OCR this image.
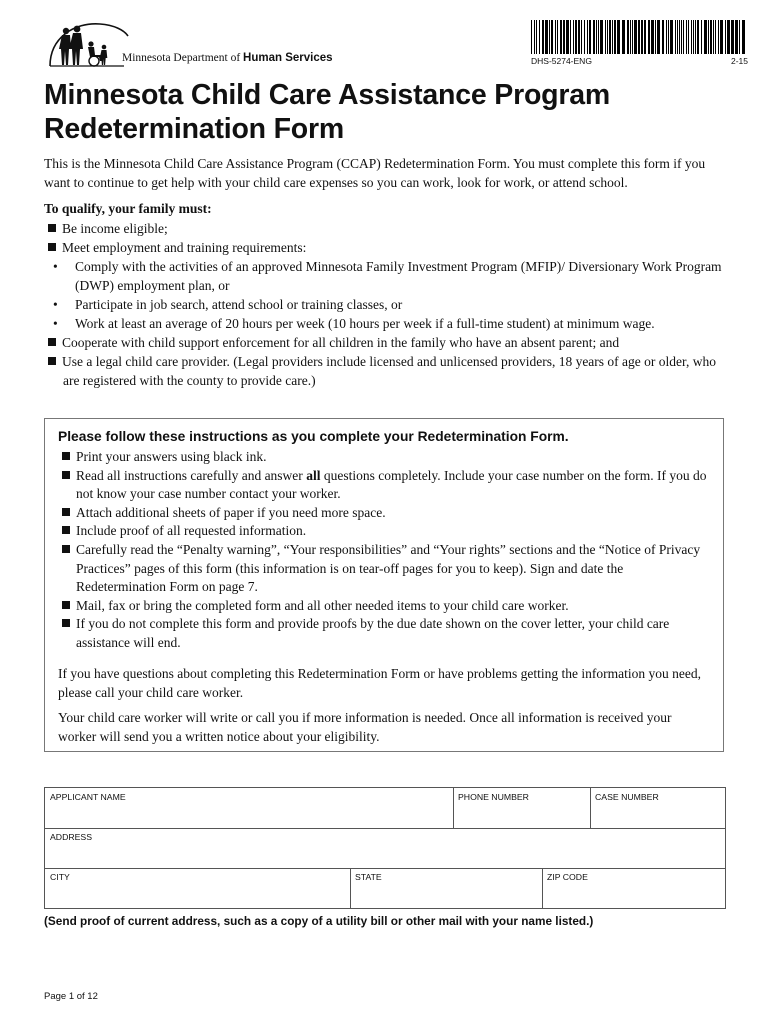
Minnesota Department of Human Services	DHS-5274-ENG	2-15
Minnesota Child Care Assistance Program
Redetermination Form

This is the Minnesota Child Care Assistance Program (CCAP) Redetermination Form. You must complete this form if you want to continue to get help with your child care expenses so you can work, look for work, or attend school.

To qualify, your family must:

Be income eligible;
Meet employment and training requirements:
• Comply with the activities of an approved Minnesota Family Investment Program (MFIP)/ Diversionary Work Program (DWP) employment plan, or
• Participate in job search, attend school or training classes, or
• Work at least an average of 20 hours per week (10 hours per week if a full-time student) at minimum wage.
Cooperate with child support enforcement for all children in the family who have an absent parent; and
Use a legal child care provider. (Legal providers include licensed and unlicensed providers, 18 years of age or older, who are registered with the county to provide care.)

Please follow these instructions as you complete your Redetermination Form.

Print your answers using black ink.
Read all instructions carefully and answer all questions completely. Include your case number on the form. If you do not know your case number contact your worker.
Attach additional sheets of paper if you need more space.
Include proof of all requested information.
Carefully read the “Penalty warning”, “Your responsibilities” and “Your rights” sections and the “Notice of Privacy Practices” pages of this form (this information is on tear-off pages for you to keep). Sign and date the Redetermination Form on page 7.
Mail, fax or bring the completed form and all other needed items to your child care worker.
If you do not complete this form and provide proofs by the due date shown on the cover letter, your child care assistance will end.

If you have questions about completing this Redetermination Form or have problems getting the information you need, please call your child care worker.

Your child care worker will write or call you if more information is needed. Once all information is received your worker will send you a written notice about your eligibility.

APPLICANT NAME	PHONE NUMBER	CASE NUMBER
ADDRESS
CITY	STATE	ZIP CODE

(Send proof of current address, such as a copy of a utility bill or other mail with your name listed.)

Page 1 of 12
